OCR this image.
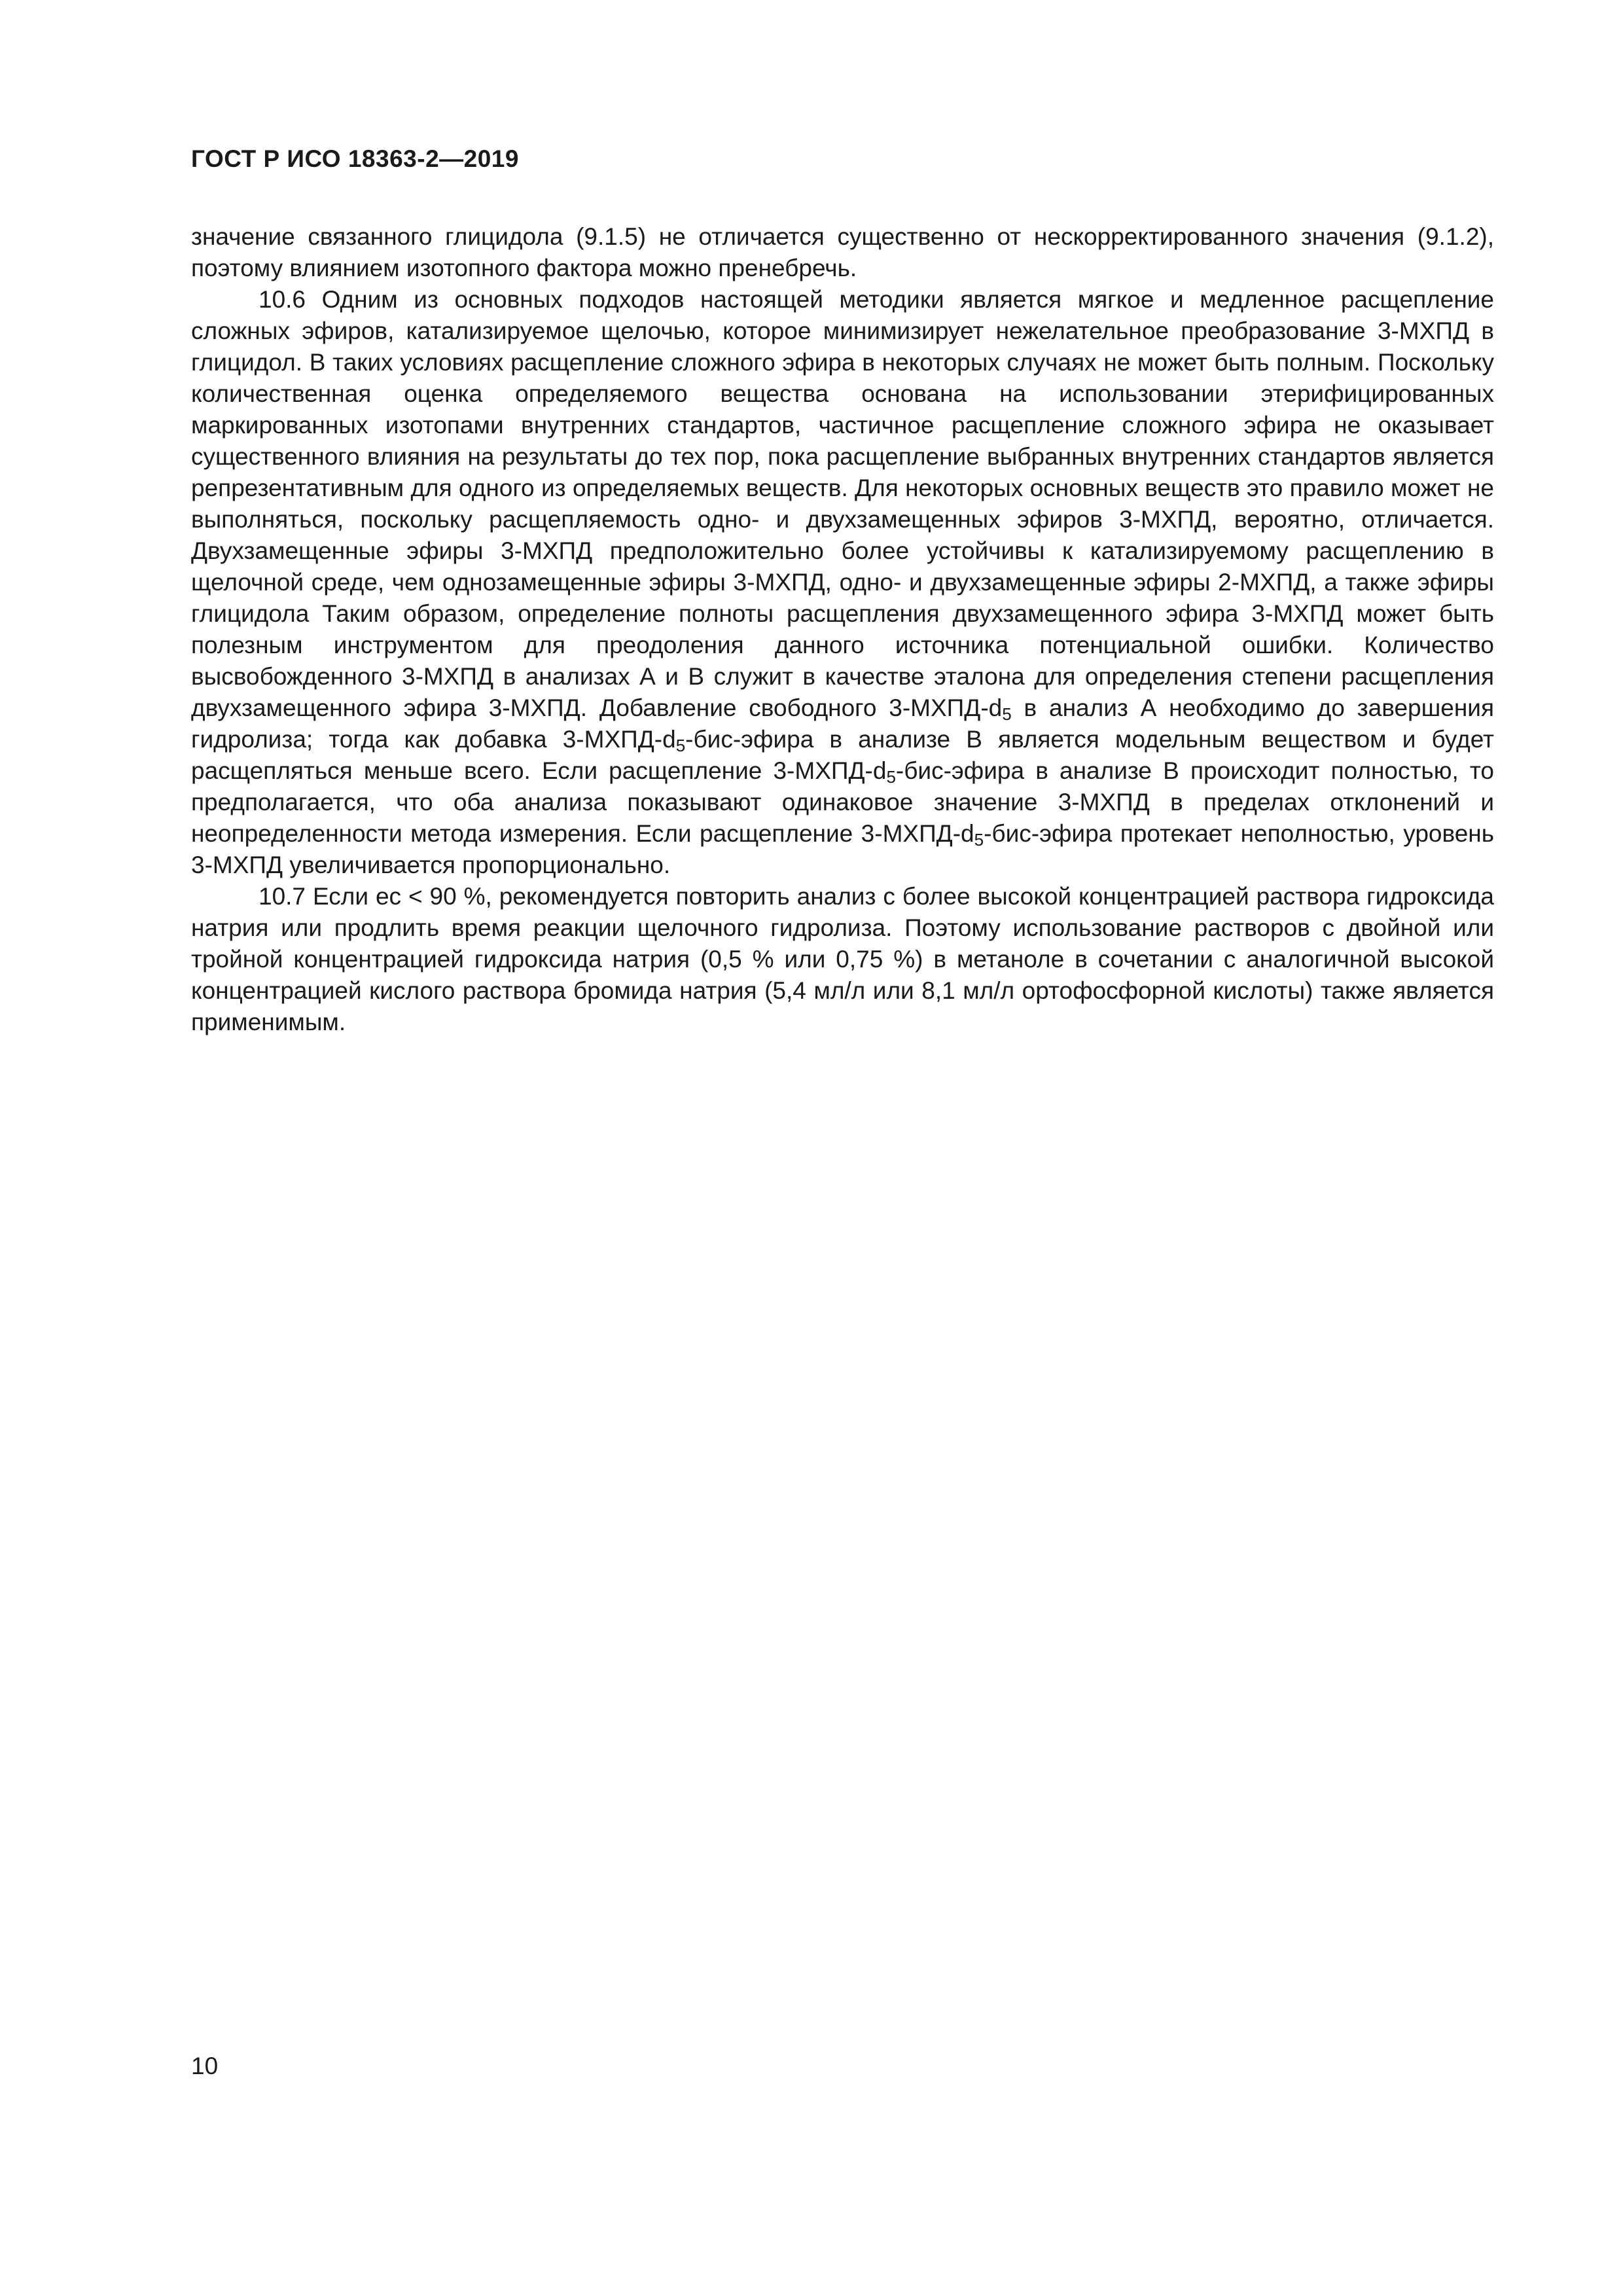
ГОСТ Р ИСО 18363-2—2019

значение связанного глицидола (9.1.5) не отличается существенно от нескорректированного значения (9.1.2), поэтому влиянием изотопного фактора можно пренебречь.

10.6 Одним из основных подходов настоящей методики является мягкое и медленное расщепление сложных эфиров, катализируемое щелочью, которое минимизирует нежелательное преобразование 3-МХПД в глицидол. В таких условиях расщепление сложного эфира в некоторых случаях не может быть полным. Поскольку количественная оценка определяемого вещества основана на использовании этерифицированных маркированных изотопами внутренних стандартов, частичное расщепление сложного эфира не оказывает существенного влияния на результаты до тех пор, пока расщепление выбранных внутренних стандартов является репрезентативным для одного из определяемых веществ. Для некоторых основных веществ это правило может не выполняться, поскольку расщепляемость одно- и двухзамещенных эфиров 3-МХПД, вероятно, отличается. Двухзамещенные эфиры 3-МХПД предположительно более устойчивы к катализируемому расщеплению в щелочной среде, чем однозамещенные эфиры 3-МХПД, одно- и двухзамещенные эфиры 2-МХПД, а также эфиры глицидола Таким образом, определение полноты расщепления двухзамещенного эфира 3-МХПД может быть полезным инструментом для преодоления данного источника потенциальной ошибки. Количество высвобожденного 3-МХПД в анализах А и В служит в качестве эталона для определения степени расщепления двухзамещенного эфира 3-МХПД. Добавление свободного $3-МХПД-d_5$ в анализ А необходимо до завершения гидролиза; тогда как добавка $3-МХПД-d_5-бис$-эфира в анализе В является модельным веществом и будет расщепляться меньше всего. Если расщепление $3-МХПД-d_5-бис$-эфира в анализе В происходит полностью, то предполагается, что оба анализа показывают одинаковое значение 3-МХПД в пределах отклонений и неопределенности метода измерения. Если расщепление $3-МХПД-d_5-бис$-эфира протекает неполностью, уровень 3-МХПД увеличивается пропорционально.

10.7 Если ес < 90 %, рекомендуется повторить анализ с более высокой концентрацией раствора гидроксида натрия или продлить время реакции щелочного гидролиза. Поэтому использование растворов с двойной или тройной концентрацией гидроксида натрия (0,5 % или 0,75 %) в метаноле в сочетании с аналогичной высокой концентрацией кислого раствора бромида натрия (5,4 мл/л или 8,1 мл/л ортофосфорной кислоты) также является применимым.

10
